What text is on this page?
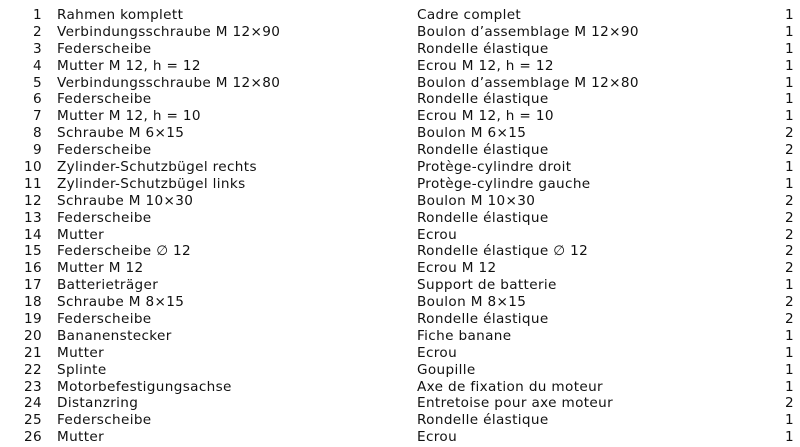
1 Rahmen komplett	Cadre complet	1
2 Verbindungsschraube M 12×90	Boulon d’assemblage M 12×90	1
3 Federscheibe	Rondelle élastique	1
4 Mutter M 12, h = 12	Ecrou M 12, h = 12	1
5 Verbindungsschraube M 12×80	Boulon d’assemblage M 12×80	1
6 Federscheibe	Rondelle élastique	1
7 Mutter M 12, h = 10	Ecrou M 12, h = 10	1
8 Schraube M 6×15	Boulon M 6×15	2
9 Federscheibe	Rondelle élastique	2
10 Zylinder-Schutzbügel rechts	Protège-cylindre droit	1
11 Zylinder-Schutzbügel links	Protège-cylindre gauche	1
12 Schraube M 10×30	Boulon M 10×30	2
13 Federscheibe	Rondelle élastique	2
14 Mutter	Ecrou	2
15 Federscheibe ∅ 12	Rondelle élastique ∅ 12	2
16 Mutter M 12	Ecrou M 12	2
17 Batterieträger	Support de batterie	1
18 Schraube M 8×15	Boulon M 8×15	2
19 Federscheibe	Rondelle élastique	2
20 Bananenstecker	Fiche banane	1
21 Mutter	Ecrou	1
22 Splinte	Goupille	1
23 Motorbefestigungsachse	Axe de fixation du moteur	1
24 Distanzring	Entretoise pour axe moteur	2
25 Federscheibe	Rondelle élastique	1
26 Mutter	Ecrou	1
